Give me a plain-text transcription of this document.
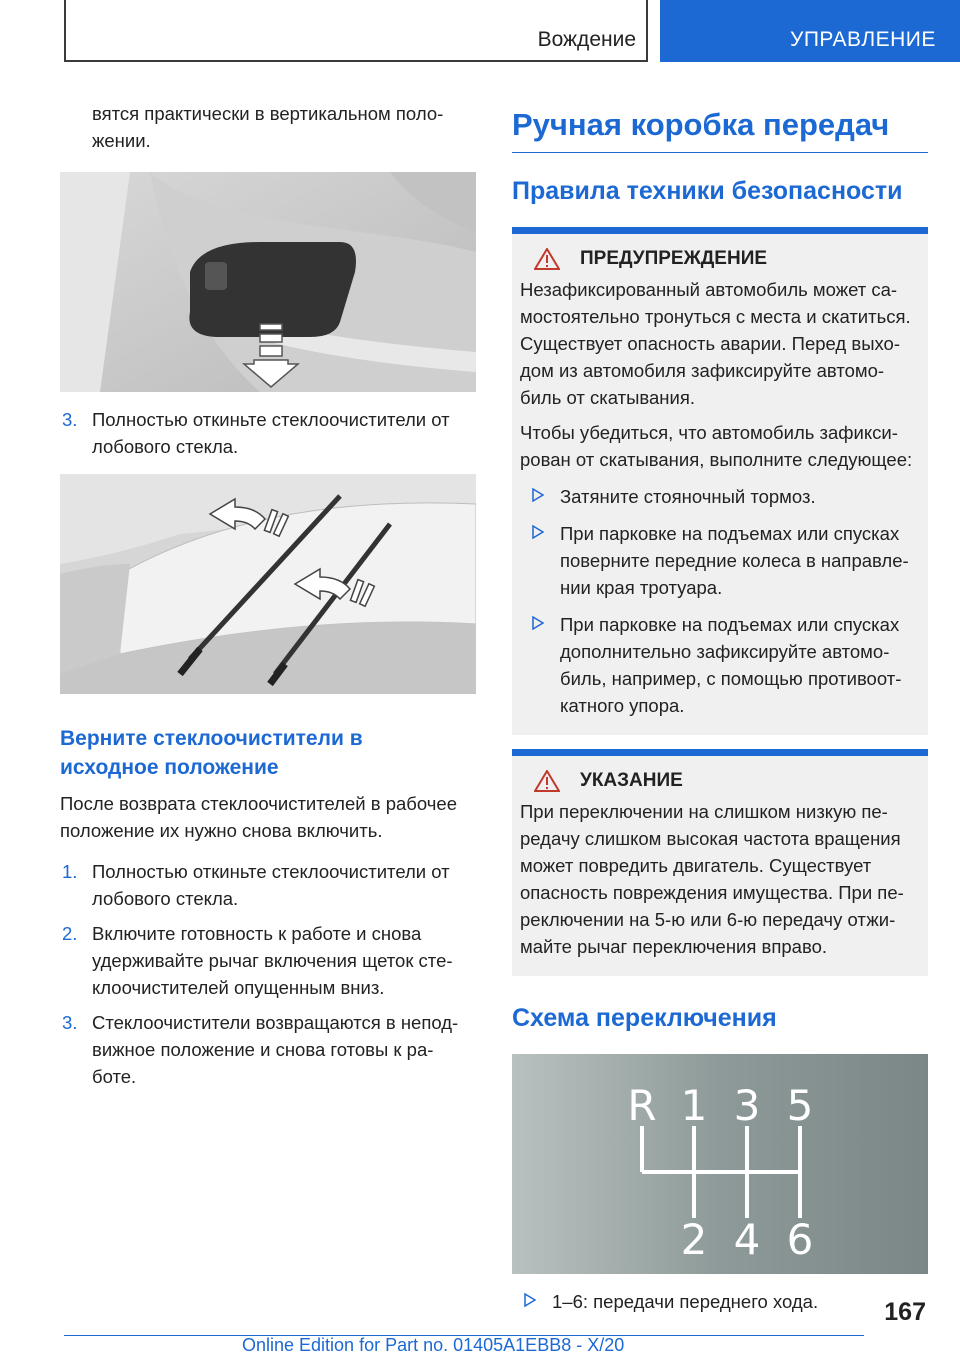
Вождение	УПРАВЛЕНИЕ

вятся практически в вертикальном поло-

жении.

3. Полностью откиньте стеклоочистители от
лобового стекла.
Верните стеклоочистители в
исходное положение

После возврата стеклоочистителей в рабочее

положение их нужно снова включить.

1. Полностью откиньте стеклоочистители от
лобового стекла.
2. Включите готовность к работе и снова
удерживайте рычаг включения щеток сте-
клоочистителей опущенным вниз.
3. Стеклоочистители возвращаются в непод-
вижное положение и снова готовы к ра-
боте.
Ручная коробка передач
Правила техники безопасности
ПРЕДУПРЕЖДЕНИЕ

Незафиксированный автомобиль может са-

мостоятельно тронуться с места и скатиться.

Существует опасность аварии. Перед выхо-

дом из автомобиля зафиксируйте автомо-

биль от скатывания.

Чтобы убедиться, что автомобиль зафикси-

рован от скатывания, выполните следующее:

Затяните стояночный тормоз.
При парковке на подъемах или спусках
поверните передние колеса в направле-
нии края тротуара.
При парковке на подъемах или спусках
дополнительно зафиксируйте автомо-
биль, например, с помощью противоот-
катного упора.
УКАЗАНИЕ

При переключении на слишком низкую пе-

редачу слишком высокая частота вращения

может повредить двигатель. Существует

опасность повреждения имущества. При пе-

реключении на 5-ю или 6-ю передачу отжи-

майте рычаг переключения вправо.

Схема переключения
R 1 3 5
2 4 6
1–6: передачи переднего хода.	167
Online Edition for Part no. 01405A1EBB8 - X/20
